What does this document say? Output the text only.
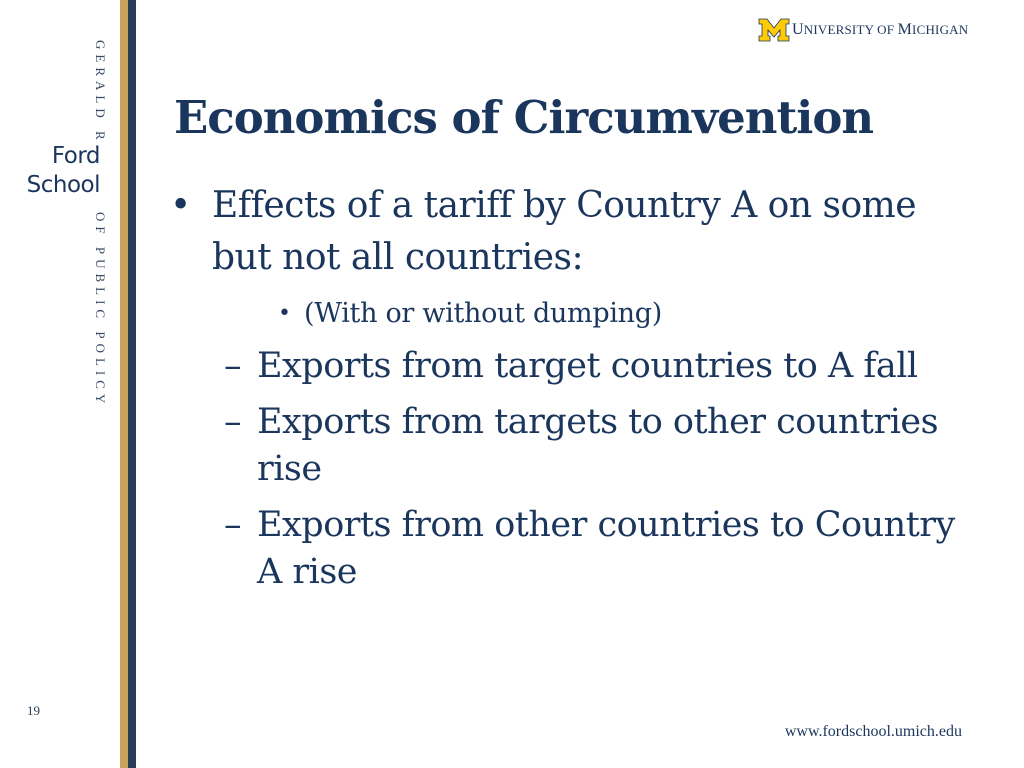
GERALD R.
Ford
School
OF PUBLIC POLICY
19
UNIVERSITY OF MICHIGAN
Economics of Circumvention
• Effects of a tariff by Country A on some but not all countries:
• (With or without dumping)
– Exports from target countries to A fall
– Exports from targets to other countries rise
– Exports from other countries to Country A rise
www.fordschool.umich.edu
